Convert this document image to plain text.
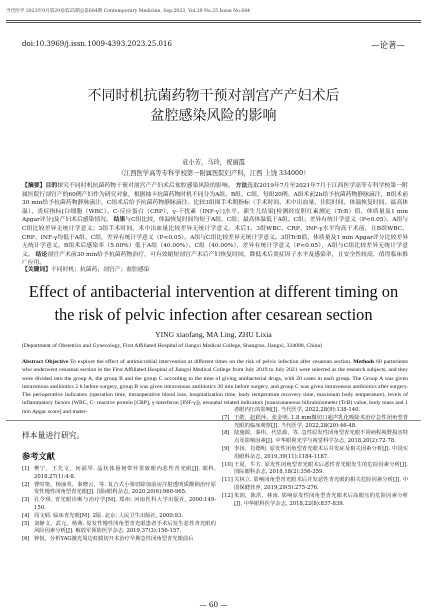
当代医学 2023年9月第29卷第25期总第684期 Contemporary Medicine, Sep.2023, Vol.29 No.25 Issue No.684
doi:10.3969/j.issn.1009-4393.2023.25.016	—论著—
不同时机抗菌药物干预对剖宫产产妇术后
盆腔感染风险的影响
袁小芳，马玲，祝丽霞
（江西医学高等专科学校第一附属医院妇产科，江西 上饶 334000）
【摘要】目的探究不同时机抗菌药物干预对剖宫产产妇术后盆腔感染风险的影响。 方法选取2019年7月至2021年7月于江西医学高等专科学校第一附属医院行剖宫产的60例产妇作为研究对象，根据抽卡抗菌药物时机不同分为A组、B组、C组，每组20例。A组术前2h给予抗菌药物静脉滴注，B组术前30 min给予抗菌药物静脉滴注，C组术后给予抗菌药物静脉滴注。比较3组围手术期指标（手术时间、术中出血量、住院时间、体温恢复时间、最高体温）、炎症指标[白细胞（WBC）、C-反应蛋白（CRP）、γ-干扰素（INF-γ）]水平、新生儿结果[检测经皮胆红素测定（TcB）值，体质量及1 min Apgar评分]及产妇术后感染情况。 结果与C组比较，体温恢复时间均短于A组、C组；最高体温低于A组、C组；差异有统计学意义（P<0.05）。A组与C组比较差异无统计学意义；3组手术时间、术中出血量比较差异无统计学意义。术后1、3组WBC、CRP、INF-γ水平均高于术前，且B组WBC、CRP、INF-γ均低于A组、C组，差异有统计学意义（P<0.05）。A组与C组比较差异无统计学意义。3组TcB值，体质量及1 min Apgar评分比较差异无统计学意义。B组术后感染率（5.00%）低于A组（40.00%）、C组（40.00%），差异有统计学意义（P<0.05），A组与C组比较差异无统计学意义。 结论剖宫产术前30 min给予抗菌药物治疗，可有效缩短剖宫产术后产妇恢复时间，降低术后炎症因子水平及感染率，且安全性较高，值得临床推广应用。
【关键词】不同时机；抗菌药；剖宫产；盆腔感染
Effect of antibacterial intervention at different timing on
the risk of pelvic infection after cesarean section
YING xiaofang, MA Ling, ZHU Lixia
(Department of Obstetrics and Gynecology, First Affiliated Hospital of Jiangxi Medical College, Shangrao, Jiangxi, 334000, China)
Abstract Objective To explore the effect of antimicrobial intervention at different times on the risk of pelvic infection after cesarean section. Methods 60 parturients who underwent cesarean section in the First Affiliated Hospital of Jiangxi Medical College from July 2019 to July 2021 were selected as the research subjects, and they were divided into the group A, the group B and the group C according to the time of giving antibacterial drugs, with 20 cases in each group. The Group A was given intravenous antibiotics 2 h before surgery, group B was given intravenous antibiotics 30 min before surgery, and group C was given intravenous antibiotics after surgery. The perioperative indicators (operation time, intraoperative blood loss, hospitalization time, body temperature recovery time, maximum body temperature), levels of inflammatory factors (WBC, C- reactive protein [CRP], γ-interferon [INF-γ]), neonatal related indicators [transcutaneous bilirubinometer (TcB) value, body mass and 1 min Apgar score] and mater-
样本量进行研究。
参考文献
[1] 樊宁，王先文，何福琴. 晶状体悬韧带异常致眼内恶性青光眼[J]. 眼科, 2018,27(1):4-8.
[2] 曹时艳，杨丽英，秦晓云，等. 复合式小梁切除加前房注射透明质酸钠治疗原发性慢性闭角型青光眼[J]. 国际眼科杂志, 2020,20(6):960-965.
[3] 孔令琪. 青光眼诊断与治疗学[M]. 郑州: 河南医科大学出版社, 2000:149-150.
[4] 周文炳. 临床青光眼[M]. 2版. 北京: 人民卫生出版社, 2000:93.
[5] 刘静文，武元，杨燕. 原发性慢性闭角型青光眼患者手术后发生恶性青光眼的风险因素分析[J]. 解放军预防医学杂志, 2019,37(3):156-157.
[6] 钟悦，分析YAG激光周边虹膜切开术治疗早期急性闭角型青光眼前后
者眼内压的影响[J]. 当代医学, 2022,28(9):138-140.
[7] 王皓，赵跃萍，张金明. 1.8 mm微切口超声乳化吸除术治疗急性闭角型青光眼的临床观察[J]. 当代医学, 2022,28(20):46-48.
[8] 陆施源，秦伟，代思源，等. 急性原发性闭角型青光眼不同病程视野损害特点及影响因素[J]. 中华眼视光学与视觉科学杂志, 2018,20(2):72-78.
[9] 李扬，肖德明. 原发性闭角型青光眼术后并发症及相关因素分析[J]. 中国实用眼科杂志, 2019,39(11):1184-1187.
[10] 王夏，牛方. 原发性闭角型青光眼术后恶性青光眼发生的危险因素分析[J]. 国际眼科杂志, 2018,18(2):356-359.
[11] 关林立. 影响闭角型青光眼术后并发恶性青光眼的相关危险因素分析[J]. 中国保健营养, 2019,29(5):275-276.
[12] 朱润，陈洪，林南. 影响原发性闭角型青光眼术后高眼压的危险因素分析[J]. 中华眼科医学杂志, 2018,22(8):837-839.
— 60 —
